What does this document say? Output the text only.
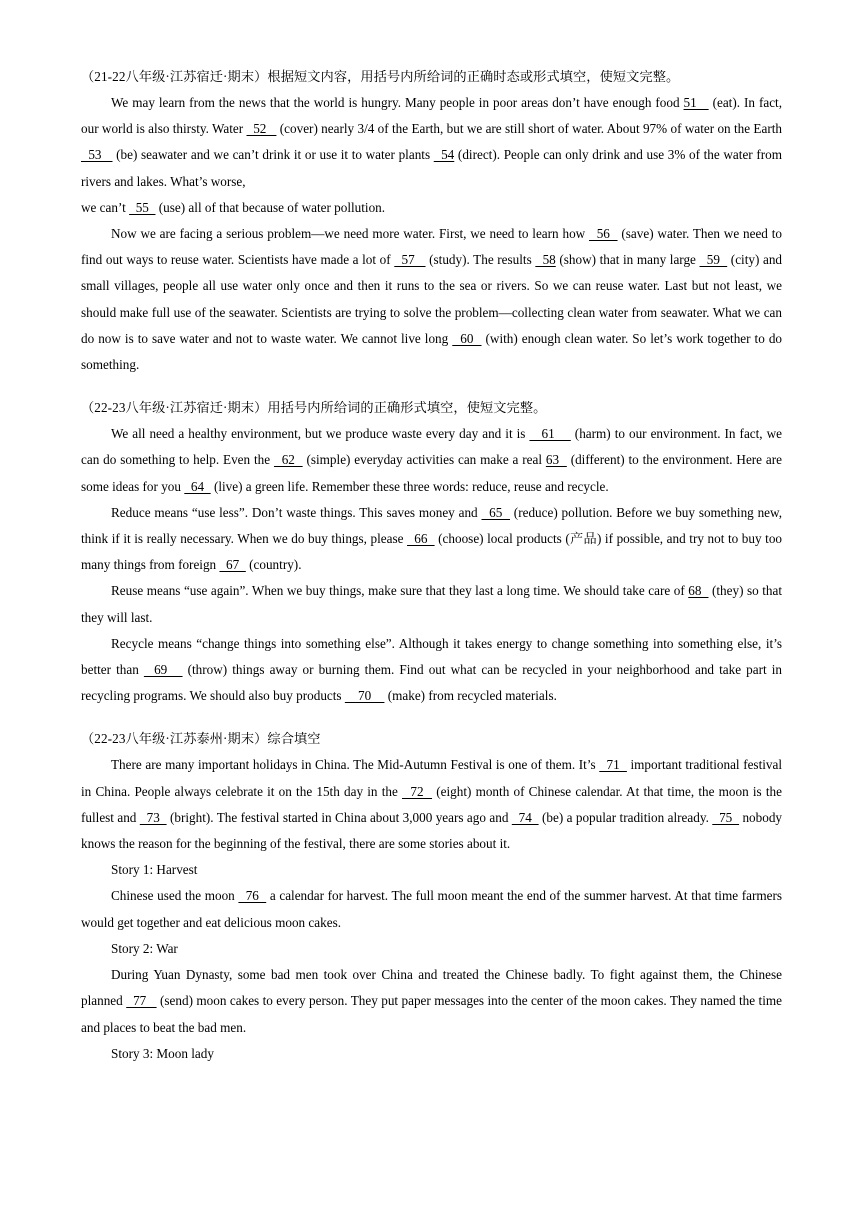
（21-22八年级·江苏宿迁·期末）根据短文内容，用括号内所给词的正确时态或形式填空，使短文完整。

We may learn from the news that the world is hungry. Many people in poor areas don’t have enough food 51    (eat). In fact, our world is also thirsty. Water   52    (cover) nearly 3/4 of the Earth, but we are still short of water. About 97% of water on the Earth   53    (be) seawater and we can’t drink it or use it to water plants   54 (direct). People can only drink and use 3% of the water from rivers and lakes. What’s worse,

we can’t   55   (use) all of that because of water pollution.

Now we are facing a serious problem—we need more water. First, we need to learn how   56   (save) water. Then we need to find out ways to reuse water. Scientists have made a lot of   57    (study). The results   58 (show) that in many large   59   (city) and small villages, people all use water only once and then it runs to the sea or rivers. So we can reuse water. Last but not least, we should make full use of the seawater. Scientists are trying to solve the problem—collecting clean water from seawater. What we can do now is to save water and not to waste water. We cannot live long   60   (with) enough clean water. So let’s work together to do something.

（22-23八年级·江苏宿迁·期末）用括号内所给词的正确形式填空，使短文完整。

We all need a healthy environment, but we produce waste every day and it is    61     (harm) to our environment. In fact, we can do something to help. Even the   62   (simple) everyday activities can make a real 63   (different) to the environment. Here are some ideas for you   64   (live) a green life. Remember these three words: reduce, reuse and recycle.

Reduce means “use less”. Don’t waste things. This saves money and   65   (reduce) pollution. Before we buy something new, think if it is really necessary. When we do buy things, please   66   (choose) local products (产品) if possible, and try not to buy too many things from foreign   67   (country).

Reuse means “use again”. When we buy things, make sure that they last a long time. We should take care of 68   (they) so that they will last.

Recycle means “change things into something else”. Although it takes energy to change something into something else, it’s better than   69    (throw) things away or burning them. Find out what can be recycled in your neighborhood and take part in recycling programs. We should also buy products     70     (make) from recycled materials.

（22-23八年级·江苏泰州·期末）综合填空

There are many important holidays in China. The Mid-Autumn Festival is one of them. It’s   71   important traditional festival in China. People always celebrate it on the 15th day in the   72   (eight) month of Chinese calendar. At that time, the moon is the fullest and   73   (bright). The festival started in China about 3,000 years ago and   74   (be) a popular tradition already.   75   nobody knows the reason for the beginning of the festival, there are some stories about it.

Story 1: Harvest

Chinese used the moon   76   a calendar for harvest. The full moon meant the end of the summer harvest. At that time farmers would get together and eat delicious moon cakes.

Story 2: War

During Yuan Dynasty, some bad men took over China and treated the Chinese badly. To fight against them, the Chinese planned   77    (send) moon cakes to every person. They put paper messages into the center of the moon cakes. They named the time and places to beat the bad men.

Story 3: Moon lady
